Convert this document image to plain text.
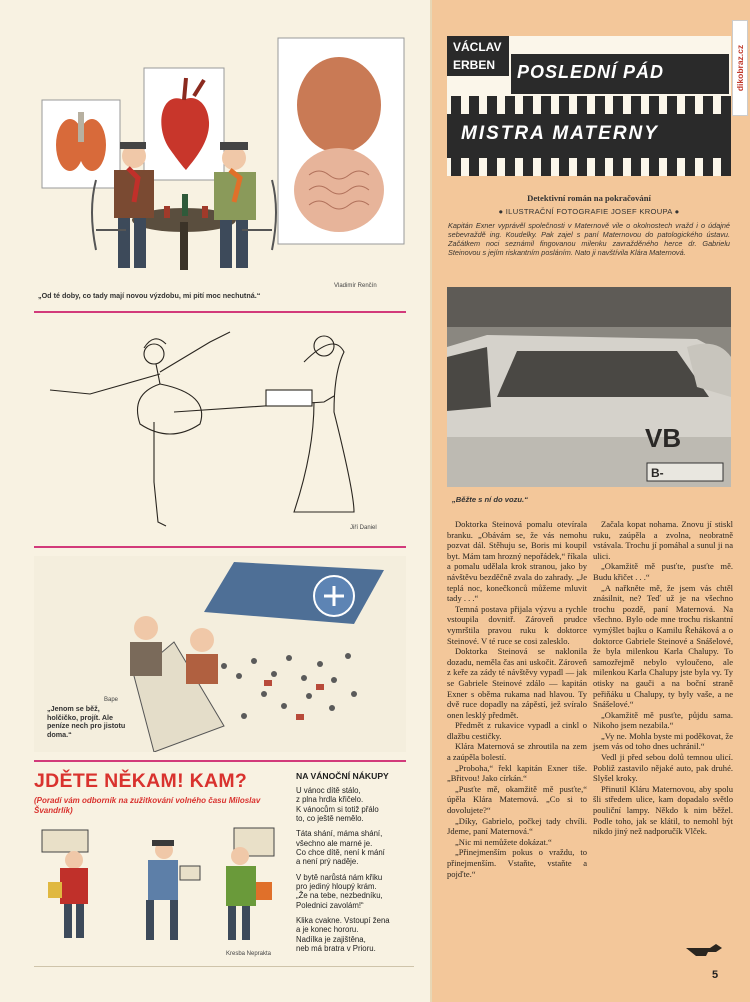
Vladimír Renčín
„Od té doby, co tady mají novou výzdobu, mi pití moc nechutná.“
Jiří Daniel
Bape
„Jenom se běž, holčičko, projít. Ale peníze nech pro jistotu doma.“
JDĚTE NĚKAM! KAM?
(Poradí vám odborník na zužitkování volného času Miloslav Švandrlík)
Kresba Neprakta
NA VÁNOČNÍ NÁKUPY

U vánoc dítě stálo,
z plna hrdla křičelo.
K vánocům si totiž přálo
to, co ještě nemělo.

Táta shání, máma shání,
všechno ale marné je.
Co chce dítě, není k mání
a není prý naděje.

V bytě narůstá nám křiku
pro jediný hloupý krám.
„Že na tebe, nezbedníku,
Polednici zavolám!“

Klika cvakne. Vstoupí žena
a je konec hororu.
Nadílka je zajištěna,
neb má bratra v Prioru.

dikobraz.cz
VÁCLAV
ERBEN	POSLEDNÍ PÁD
MISTRA MATERNY
Detektivní román na pokračování
● ILUSTRAČNÍ FOTOGRAFIE JOSEF KROUPA ●
Kapitán Exner vyprávěl společnosti v Maternově vile o okolnostech vražd i o údajné sebevraždě ing. Koudelky. Pak zajel s paní Maternovou do patologického ústavu. Začátkem noci seznámil fingovanou milenku zavražděného herce dr. Gabrielu Steinovou s jejím riskantním posláním. Nato ji navštívila Klára Maternová.
VB
B-
„Běžte s ní do vozu.“

Doktorka Steinová pomalu otevírala branku. „Obávám se, že vás nemohu pozvat dál. Stěhuju se, Boris mi koupil byt. Mám tam hrozný nepořádek,“ říkala a pomalu udělala krok stranou, jako by návštěvu bezděčně zvala do zahrady. „Je teplá noc, konečkonců můžeme mluvit tady . . .“

Temná postava přijala výzvu a rychle vstoupila dovnitř. Zároveň prudce vymrštila pravou ruku k doktorce Steinové. V té ruce se cosi zalesklo.

Doktorka Steinová se naklonila dozadu, neměla čas ani uskočit. Zároveň z keře za zády té návštěvy vypadl — jak se Gabriele Steinové zdálo — kapitán Exner s oběma rukama nad hlavou. Ty dvě ruce dopadly na zápěstí, jež svíralo onen lesklý předmět.

Předmět z rukavice vypadl a cinkl o dlažbu cestičky.

Klára Maternová se zhroutila na zem a zaúpěla bolestí.

„Proboha,“ řekl kapitán Exner tiše. „Břitvou! Jako církán.“

„Pusťte mě, okamžitě mě pusťte,“ úpěla Klára Maternová. „Co si to dovolujete?“

„Díky, Gabrielo, počkej tady chvíli. Jdeme, paní Maternová.“

„Nic mi nemůžete dokázat.“

„Přinejmenším pokus o vraždu, to přinejmenším. Vstaňte, vstaňte a pojďte.“

Začala kopat nohama. Znovu jí stiskl ruku, zaúpěla a zvolna, neobratně vstávala. Trochu jí pomáhal a sunul ji na ulici.

„Okamžitě mě pusťte, pusťte mě. Budu křičet . . .“

„A nařkněte mě, že jsem vás chtěl znásilnit, ne? Teď už je na všechno trochu pozdě, paní Maternová. Na všechno. Bylo ode mne trochu riskantní vymýšlet bajku o Kamilu Řeháková a o doktorce Gabriele Steinové a Snášelové, že byla milenkou Karla Chalupy. To samozřejmě nebylo vyloučeno, ale milenkou Karla Chalupy jste byla vy. Ty otisky na gauči a na boční straně peřiňáku u Chalupy, ty byly vaše, a ne Snášelové.“

„Okamžitě mě pusťte, půjdu sama. Nikoho jsem nezabila.“

„Vy ne. Mohla byste mi poděkovat, že jsem vás od toho dnes uchránil.“

Vedl ji před sebou dolů temnou ulicí. Pobliž zastavilo nějaké auto, pak druhé. Slyšel kroky.

Přinutil Kláru Maternovou, aby spolu šli středem ulice, kam dopadalo světlo pouliční lampy. Někdo k nim běžel. Podle toho, jak se klátil, to nemohl být nikdo jiný než nadporučík Vlček.

5
